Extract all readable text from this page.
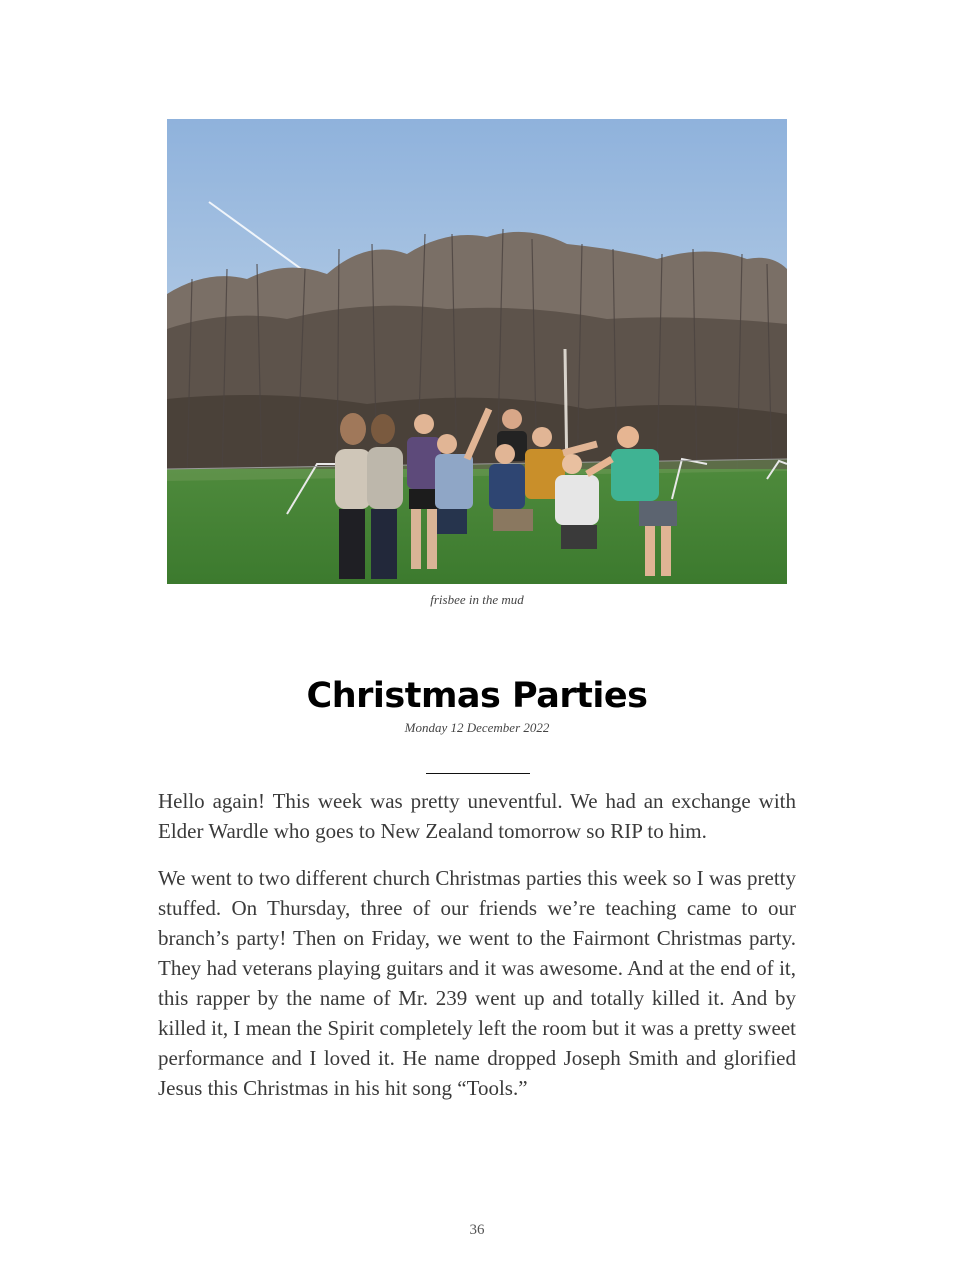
frisbee in the mud
Christmas Parties
Monday 12 December 2022

Hello again! This week was pretty uneventful. We had an exchange with Elder Wardle who goes to New Zealand tomorrow so RIP to him.

We went to two different church Christmas parties this week so I was pretty stuffed. On Thursday, three of our friends we’re teaching came to our branch’s party! Then on Friday, we went to the Fairmont Christmas party. They had veterans playing guitars and it was awesome. And at the end of it, this rapper by the name of Mr. 239 went up and totally killed it. And by killed it, I mean the Spirit completely left the room but it was a pretty sweet performance and I loved it. He name dropped Joseph Smith and glorified Jesus this Christmas in his hit song “Tools.”

36
